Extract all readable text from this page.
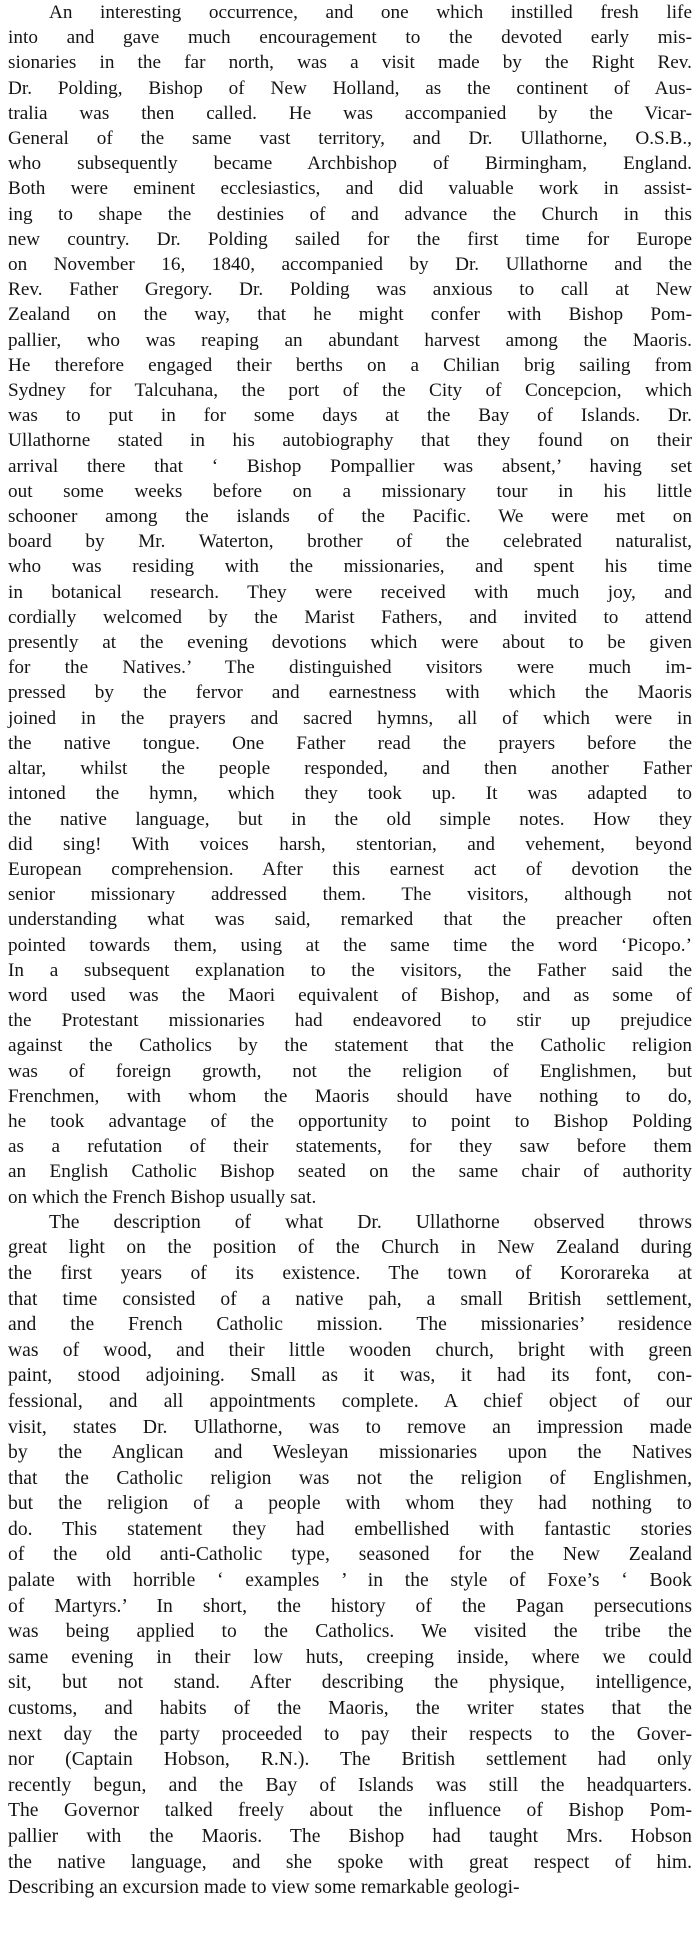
An interesting occurrence, and one which instilled fresh life
into and gave much encouragement to the devoted early mis-
sionaries in the far north, was a visit made by the Right Rev.
Dr. Polding, Bishop of New Holland, as the continent of Aus-
tralia was then called. He was accompanied by the Vicar-
General of the same vast territory, and Dr. Ullathorne, O.S.B.,
who subsequently became Archbishop of Birmingham, England.
Both were eminent ecclesiastics, and did valuable work in assist-
ing to shape the destinies of and advance the Church in this
new country. Dr. Polding sailed for the first time for Europe
on November 16, 1840, accompanied by Dr. Ullathorne and the
Rev. Father Gregory. Dr. Polding was anxious to call at New
Zealand on the way, that he might confer with Bishop Pom-
pallier, who was reaping an abundant harvest among the Maoris.
He therefore engaged their berths on a Chilian brig sailing from
Sydney for Talcuhana, the port of the City of Concepcion, which
was to put in for some days at the Bay of Islands. Dr.
Ullathorne stated in his autobiography that they found on their
arrival there that ‘ Bishop Pompallier was absent,’ having set
out some weeks before on a missionary tour in his little
schooner among the islands of the Pacific. We were met on
board by Mr. Waterton, brother of the celebrated naturalist,
who was residing with the missionaries, and spent his time
in botanical research. They were received with much joy, and
cordially welcomed by the Marist Fathers, and invited to attend
presently at the evening devotions which were about to be given
for the Natives.’ The distinguished visitors were much im-
pressed by the fervor and earnestness with which the Maoris
joined in the prayers and sacred hymns, all of which were in
the native tongue. One Father read the prayers before the
altar, whilst the people responded, and then another Father
intoned the hymn, which they took up. It was adapted to
the native language, but in the old simple notes. How they
did sing! With voices harsh, stentorian, and vehement, beyond
European comprehension. After this earnest act of devotion the
senior missionary addressed them. The visitors, although not
understanding what was said, remarked that the preacher often
pointed towards them, using at the same time the word ‘Picopo.’
In a subsequent explanation to the visitors, the Father said the
word used was the Maori equivalent of Bishop, and as some of
the Protestant missionaries had endeavored to stir up prejudice
against the Catholics by the statement that the Catholic religion
was of foreign growth, not the religion of Englishmen, but
Frenchmen, with whom the Maoris should have nothing to do,
he took advantage of the opportunity to point to Bishop Polding
as a refutation of their statements, for they saw before them
an English Catholic Bishop seated on the same chair of authority
on which the French Bishop usually sat.
The description of what Dr. Ullathorne observed throws
great light on the position of the Church in New Zealand during
the first years of its existence. The town of Kororareka at
that time consisted of a native pah, a small British settlement,
and the French Catholic mission. The missionaries’ residence
was of wood, and their little wooden church, bright with green
paint, stood adjoining. Small as it was, it had its font, con-
fessional, and all appointments complete. A chief object of our
visit, states Dr. Ullathorne, was to remove an impression made
by the Anglican and Wesleyan missionaries upon the Natives
that the Catholic religion was not the religion of Englishmen,
but the religion of a people with whom they had nothing to
do. This statement they had embellished with fantastic stories
of the old anti-Catholic type, seasoned for the New Zealand
palate with horrible ‘ examples ’ in the style of Foxe’s ‘ Book
of Martyrs.’ In short, the history of the Pagan persecutions
was being applied to the Catholics. We visited the tribe the
same evening in their low huts, creeping inside, where we could
sit, but not stand. After describing the physique, intelligence,
customs, and habits of the Maoris, the writer states that the
next day the party proceeded to pay their respects to the Gover-
nor (Captain Hobson, R.N.). The British settlement had only
recently begun, and the Bay of Islands was still the headquarters.
The Governor talked freely about the influence of Bishop Pom-
pallier with the Maoris. The Bishop had taught Mrs. Hobson
the native language, and she spoke with great respect of him.
Describing an excursion made to view some remarkable geologi-
